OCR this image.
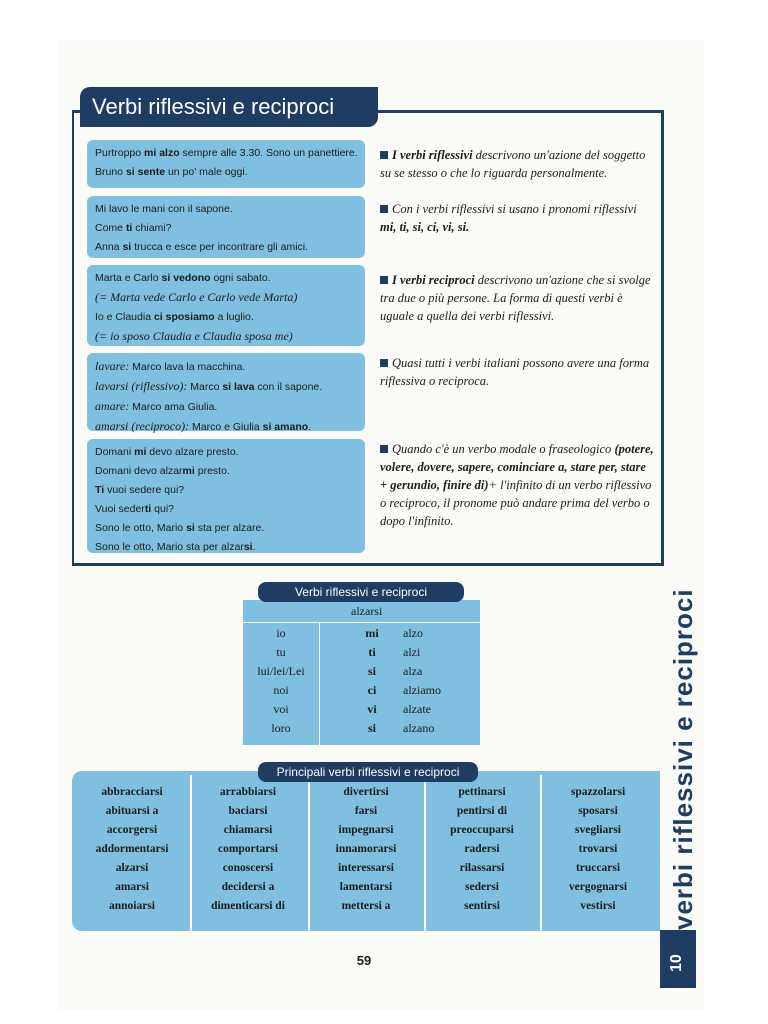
Verbi riflessivi e reciproci
Purtroppo mi alzo sempre alle 3.30. Sono un panettiere.
Bruno si sente un po' male oggi.
Mi lavo le mani con il sapone.
Come ti chiami?
Anna si trucca e esce per incontrare gli amici.
Marta e Carlo si vedono ogni sabato.
(= Marta vede Carlo e Carlo vede Marta)
Io e Claudia ci sposiamo a luglio.
(= io sposo Claudia e Claudia sposa me)
lavare: Marco lava la macchina.
lavarsi (riflessivo): Marco si lava con il sapone.
amare: Marco ama Giulia.
amarsi (reciproco): Marco e Giulia si amano.
Domani mi devo alzare presto.
Domani devo alzarmi presto.
Ti vuoi sedere qui?
Vuoi sederti qui?
Sono le otto, Mario si sta per alzare.
Sono le otto, Mario sta per alzarsi.
I verbi riflessivi descrivono un'azione del soggetto su se stesso o che lo riguarda personalmente.
Con i verbi riflessivi si usano i pronomi riflessivi mi, ti, si, ci, vi, si.
I verbi reciproci descrivono un'azione che si svolge tra due o più persone. La forma di questi verbi è uguale a quella dei verbi riflessivi.
Quasi tutti i verbi italiani possono avere una forma riflessiva o reciproca.
Quando c'è un verbo modale o fraseologico (potere, volere, dovere, sapere, cominciare a, stare per, stare + gerundio, finire di)+ l'infinito di un verbo riflessivo o reciproco, il pronome può andare prima del verbo o dopo l'infinito.
alzarsi
io	mi alzo
tu	ti alzi
lui/lei/Lei	si alza
noi	ci alziamo
voi	vi alzate
loro	si alzano
Verbi riflessivi e reciproci
abbracciarsi
abituarsi a
accorgersi
addormentarsi
alzarsi
amarsi
annoiarsi
arrabbiarsi
baciarsi
chiamarsi
comportarsi
conoscersi
decidersi a
dimenticarsi di
divertirsi
farsi
impegnarsi
innamorarsi
interessarsi
lamentarsi
mettersi a
pettinarsi
pentirsi di
preoccuparsi
radersi
rilassarsi
sedersi
sentirsi
spazzolarsi
sposarsi
svegliarsi
trovarsi
truccarsi
vergognarsi
vestirsi
Principali verbi riflessivi e reciproci	verbi riflessivi e reciproci
10
59
